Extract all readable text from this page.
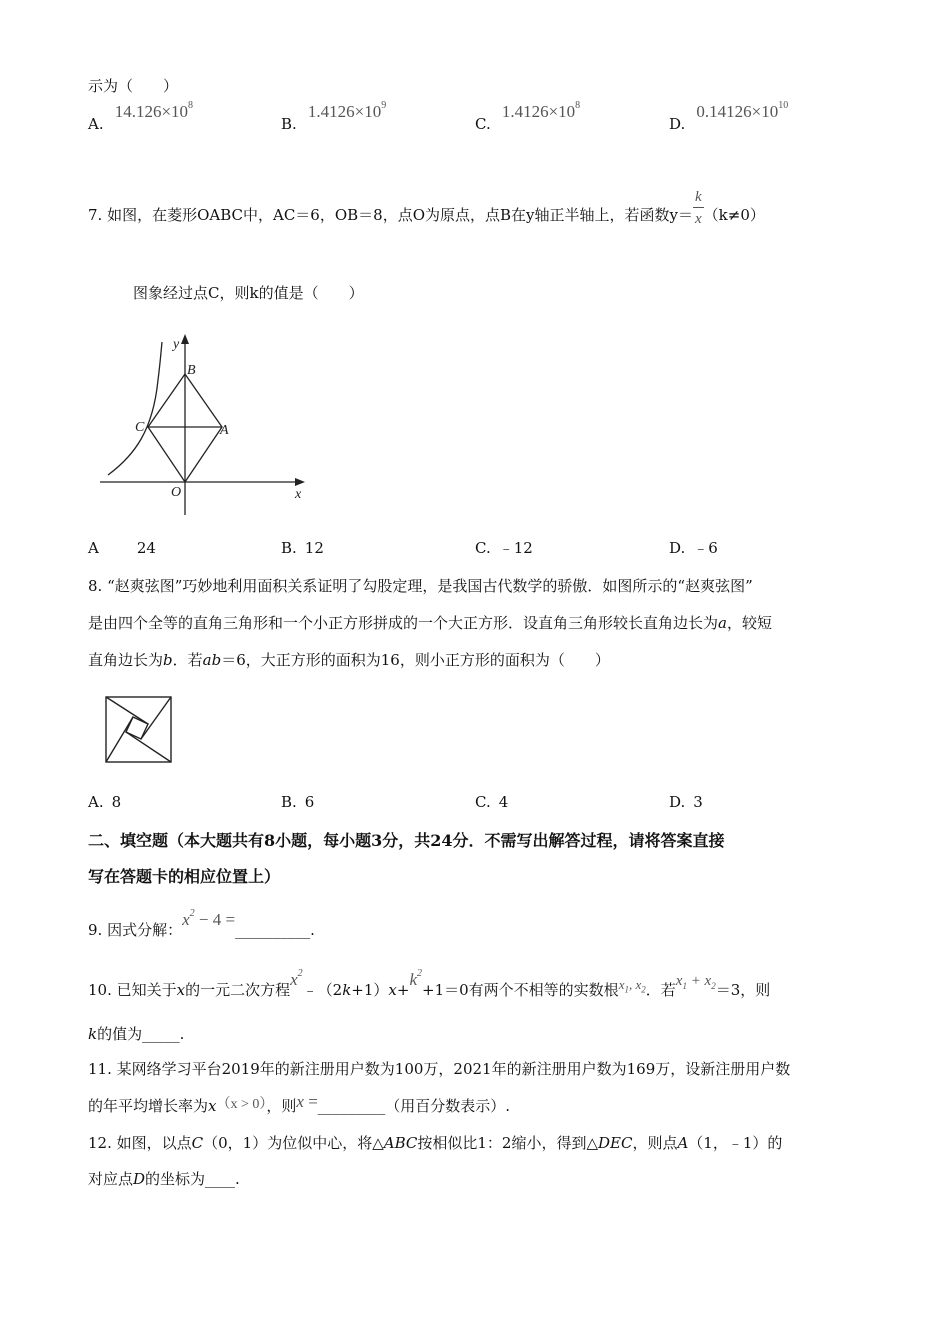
示为（　　）
A. $14.126\times 10^8$
B. $1.4126\times 10^9$
C. $1.4126\times 10^8$
D. $0.14126\times 10^{10}$
7. 如图，在菱形OABC中，AC＝6，OB＝8，点O为原点，点B在y轴正半轴上，若函数$y= \frac{k}{x} (k\ne 0)$
图象经过点C，则k的值是（　　）
y
x
B
C	A
O
A	24	B. 12	C. ﹣12	D. ﹣6
8. “赵爽弦图”巧妙地利用面积关系证明了勾股定理，是我国古代数学的骄傲．如图所示的“赵爽弦图”
是由四个全等的直角三角形和一个小正方形拼成的一个大正方形．设直角三角形较长直角边长为a，较短
直角边长为b．若ab＝6，大正方形的面积为16，则小正方形的面积为（　　）
A. 8	B. 6	C. 4	D. 3
二、填空题（本大题共有8小题，每小题3分，共24分．不需写出解答过程，请将答案直接
写在答题卡的相应位置上）
9. 因式分解：$x^2 - 4$ =__________.
10. 已知关于x的一元二次方程$x^2﹣(2k+1)x+k^2+1=0$有两个不相等的实数根$x_1$, $x_2$．若$x_1 + x_2=3$，则
k的值为_____.
11. 某网络学习平台2019年的新注册用户数为100万，2021年的新注册用户数为169万，设新注册用户数
的年平均增长率为x（x > 0），则x =_________（用百分数表示）.
12. 如图，以点C（0，1）为位似中心，将△ABC按相似比1：2缩小，得到△DEC，则点A（1，﹣1）的
对应点D的坐标为____.
